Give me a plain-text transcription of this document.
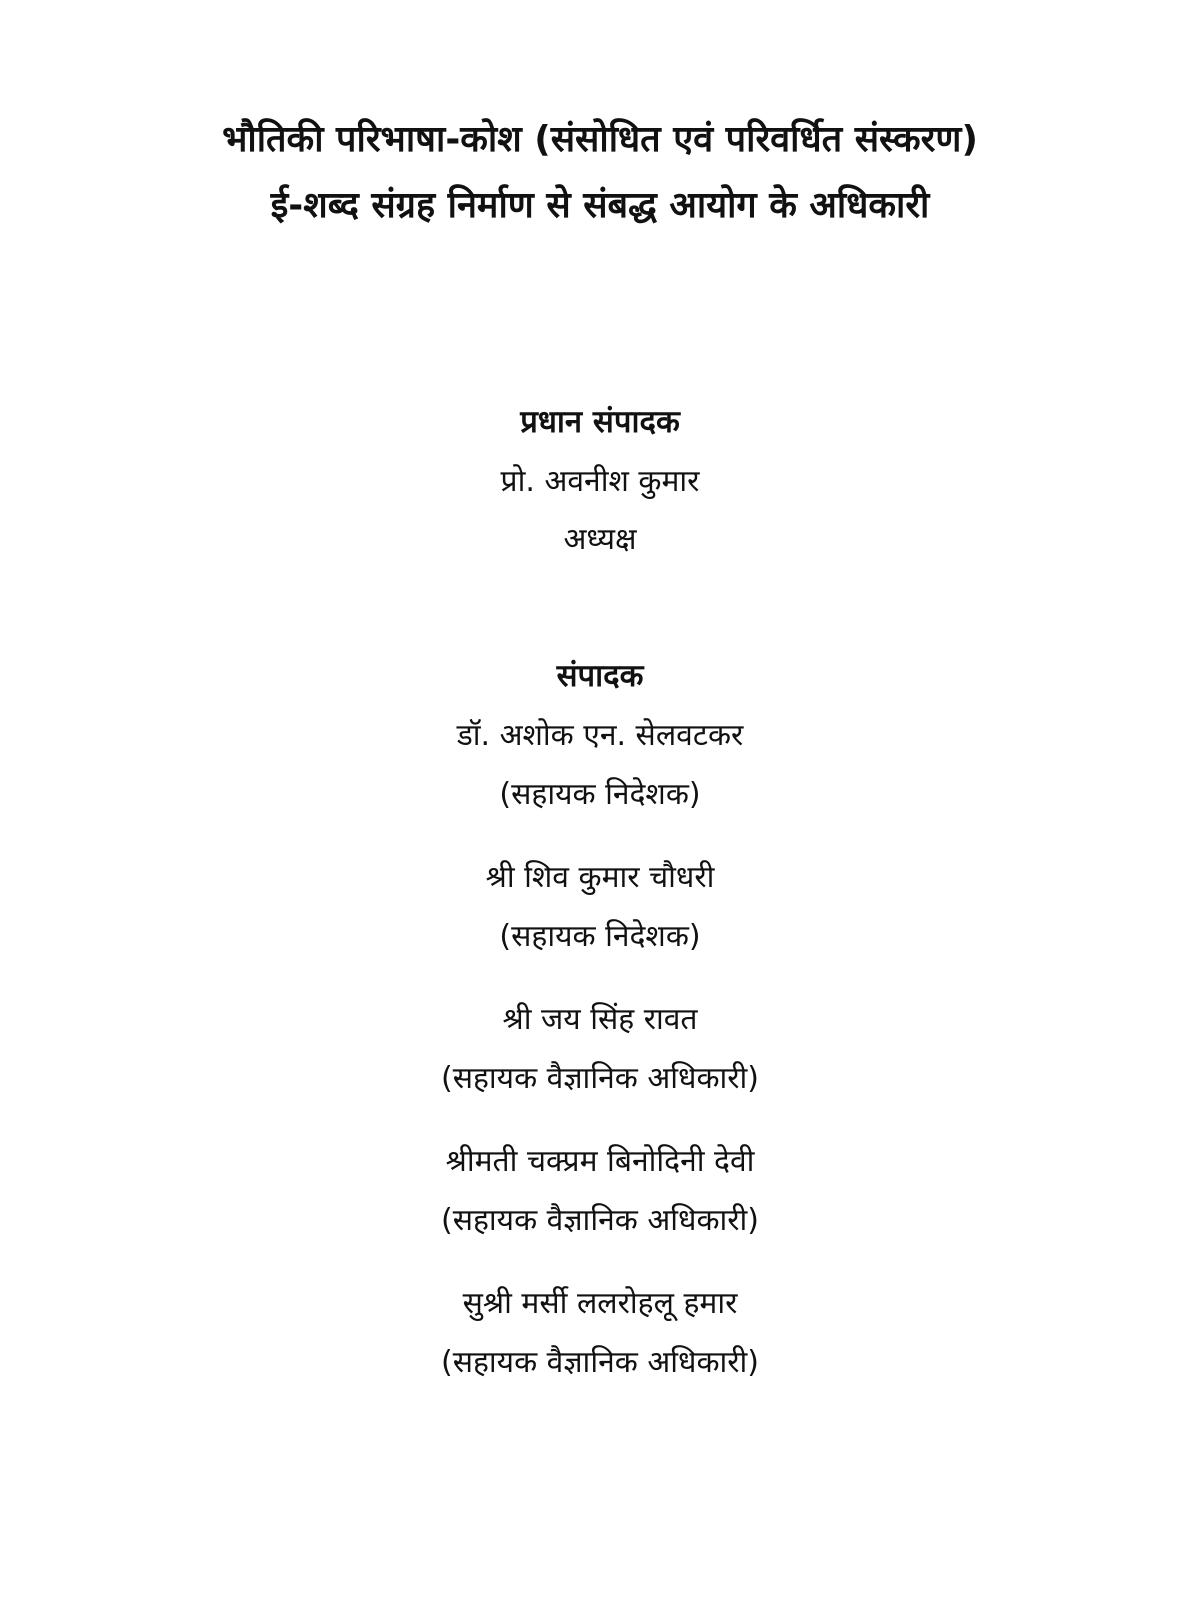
भौतिकी परिभाषा-कोश (संसोधित एवं परिवर्धित संस्करण)
ई-शब्द संग्रह निर्माण से संबद्ध आयोग के अधिकारी
प्रधान संपादक
प्रो. अवनीश कुमार
अध्यक्ष
संपादक
डॉ. अशोक एन. सेलवटकर
(सहायक निदेशक)
श्री शिव कुमार चौधरी
(सहायक निदेशक)
श्री जय सिंह रावत
(सहायक वैज्ञानिक अधिकारी)
श्रीमती चक्प्रम बिनोदिनी देवी
(सहायक वैज्ञानिक अधिकारी)
सुश्री मर्सी ललरोहलू हमार
(सहायक वैज्ञानिक अधिकारी)
